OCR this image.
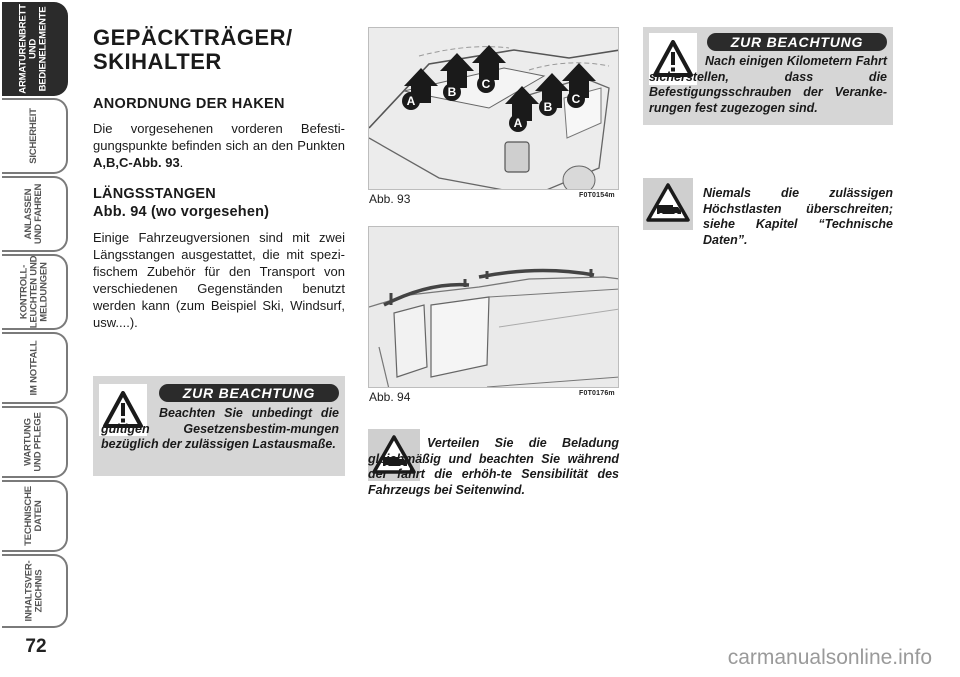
ARMATURENBRETT
UND
BEDIENELEMENTE
SICHERHEIT
ANLASSEN
UND FAHREN
KONTROLL-
LEUCHTEN UND
MELDUNGEN
IM NOTFALL
WARTUNG
UND PFLEGE
TECHNISCHE
DATEN
INHALTSVER-
ZEICHNIS
72
GEPÄCKTRÄGER/
SKIHALTER
ANORDNUNG DER HAKEN
Die vorgesehenen vorderen Befesti-gungspunkte befinden sich an den Punkten A,B,C-Abb. 93.
LÄNGSSTANGEN
Abb. 94 (wo vorgesehen)
Einige Fahrzeugversionen sind mit zwei Längsstangen ausgestattet, die mit spezi-fischem Zubehör für den Transport von verschiedenen Gegenständen benutzt werden kann (zum Beispiel Ski, Windsurf, usw....).
ZUR BEACHTUNG
Beachten Sie unbedingt die gültigen Gesetzensbestim-mungen bezüglich der zulässigen Lastausmaße.
A
B
C
A
B
C
Abb. 93	F0T0154m
Abb. 94	F0T0176m
Verteilen Sie die Beladung gleichmäßig und beachten Sie während der fahrt die erhöh-te Sensibilität des Fahrzeugs bei Seitenwind.
ZUR BEACHTUNG
Nach einigen Kilometern Fahrt sicherstellen, dass die Befestigungsschrauben der Veranke-rungen fest zugezogen sind.
Niemals die zulässigen Höchstlasten überschreiten; siehe Kapitel “Technische Daten”.
carmanualsonline.info
